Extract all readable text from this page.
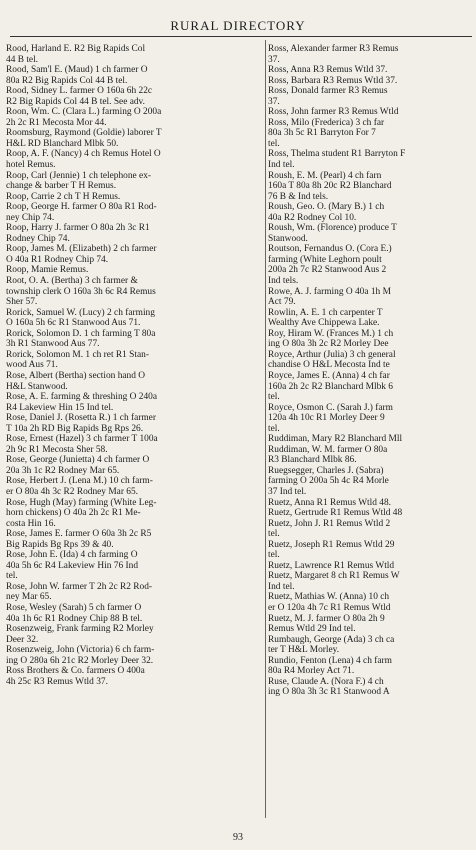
RURAL DIRECTORY
Rood, Harland E. R2 Big Rapids Col
44 B tel.
Rood, Sam'l E. (Maud) 1 ch farmer O
80a R2 Big Rapids Col 44 B tel.
Rood, Sidney L. farmer O 160a 6h 22c
R2 Big Rapids Col 44 B tel. See adv.
Roon, Wm. C. (Clara L.) farming O 200a
2h 2c R1 Mecosta Mor 44.
Roomsburg, Raymond (Goldie) laborer T
H&L RD Blanchard Mlbk 50.
Roop, A. F. (Nancy) 4 ch Remus Hotel O
hotel Remus.
Roop, Carl (Jennie) 1 ch telephone ex-
change & barber T H Remus.
Roop, Carrie 2 ch T H Remus.
Roop, George H. farmer O 80a R1 Rod-
ney Chip 74.
Roop, Harry J. farmer O 80a 2h 3c R1
Rodney Chip 74.
Roop, James M. (Elizabeth) 2 ch farmer
O 40a R1 Rodney Chip 74.
Roop, Mamie Remus.
Root, O. A. (Bertha) 3 ch farmer &
township clerk O 160a 3h 6c R4 Remus
Sher 57.
Rorick, Samuel W. (Lucy) 2 ch farming
O 160a 5h 6c R1 Stanwood Aus 71.
Rorick, Solomon D. 1 ch farming T 80a
3h R1 Stanwood Aus 77.
Rorick, Solomon M. 1 ch ret R1 Stan-
wood Aus 71.
Rose, Albert (Bertha) section hand O
H&L Stanwood.
Rose, A. E. farming & threshing O 240a
R4 Lakeview Hin 15 Ind tel.
Rose, Daniel J. (Rosetta R.) 1 ch farmer
T 10a 2h RD Big Rapids Bg Rps 26.
Rose, Ernest (Hazel) 3 ch farmer T 100a
2h 9c R1 Mecosta Sher 58.
Rose, George (Junietta) 4 ch farmer O
20a 3h 1c R2 Rodney Mar 65.
Rose, Herbert J. (Lena M.) 10 ch farm-
er O 80a 4h 3c R2 Rodney Mar 65.
Rose, Hugh (May) farming (White Leg-
horn chickens) O 40a 2h 2c R1 Me-
costa Hin 16.
Rose, James E. farmer O 60a 3h 2c R5
Big Rapids Bg Rps 39 & 40.
Rose, John E. (Ida) 4 ch farming O
40a 5h 6c R4 Lakeview Hin 76 Ind
tel.
Rose, John W. farmer T 2h 2c R2 Rod-
ney Mar 65.
Rose, Wesley (Sarah) 5 ch farmer O
40a 1h 6c R1 Rodney Chip 88 B tel.
Rosenzweig, Frank farming R2 Morley
Deer 32.
Rosenzweig, John (Victoria) 6 ch farm-
ing O 280a 6h 21c R2 Morley Deer 32.
Ross Brothers & Co. farmers O 400a
4h 25c R3 Remus Wtld 37.
Ross, Alexander farmer R3 Remus
37.
Ross, Anna R3 Remus Wtld 37.
Ross, Barbara R3 Remus Wtld 37.
Ross, Donald farmer R3 Remus
37.
Ross, John farmer R3 Remus Wtld
Ross, Milo (Frederica) 3 ch far
80a 3h 5c R1 Barryton For 7
tel.
Ross, Thelma student R1 Barryton F
Ind tel.
Roush, E. M. (Pearl) 4 ch farn
160a T 80a 8h 20c R2 Blanchard
76 B & Ind tels.
Roush, Geo. O. (Mary B.) 1 ch
40a R2 Rodney Col 10.
Roush, Wm. (Florence) produce T
Stanwood.
Routson, Fernandus O. (Cora E.)
farming (White Leghorn poult
200a 2h 7c R2 Stanwood Aus 2
Ind tels.
Rowe, A. J. farming O 40a 1h M
Act 79.
Rowlin, A. E. 1 ch carpenter T
Wealthy Ave Chippewa Lake.
Roy, Hiram W. (Frances M.) 1 ch
ing O 80a 3h 2c R2 Morley Dee
Royce, Arthur (Julia) 3 ch general
chandise O H&L Mecosta Ind te
Royce, James E. (Anna) 4 ch far
160a 2h 2c R2 Blanchard Mlbk 6
tel.
Royce, Osmon C. (Sarah J.) farm
120a 4h 10c R1 Morley Deer 9
tel.
Ruddiman, Mary R2 Blanchard Mll
Ruddiman, W. M. farmer O 80a
R3 Blanchard Mlbk 86.
Ruegsegger, Charles J. (Sabra)
farming O 200a 5h 4c R4 Morle
37 Ind tel.
Ruetz, Anna R1 Remus Wtld 48.
Ruetz, Gertrude R1 Remus Wtld 48
Ruetz, John J. R1 Remus Wtld 2
tel.
Ruetz, Joseph R1 Remus Wtld 29
tel.
Ruetz, Lawrence R1 Remus Wtld
Ruetz, Margaret 8 ch R1 Remus W
Ind tel.
Ruetz, Mathias W. (Anna) 10 ch
er O 120a 4h 7c R1 Remus Wtld
Ruetz, M. J. farmer O 80a 2h 9
Remus Wtld 29 Ind tel.
Rumbaugh, George (Ada) 3 ch ca
ter T H&L Morley.
Rundio, Fenton (Lena) 4 ch farm
80a R4 Morley Act 71.
Ruse, Claude A. (Nora F.) 4 ch
ing O 80a 3h 3c R1 Stanwood A
93
